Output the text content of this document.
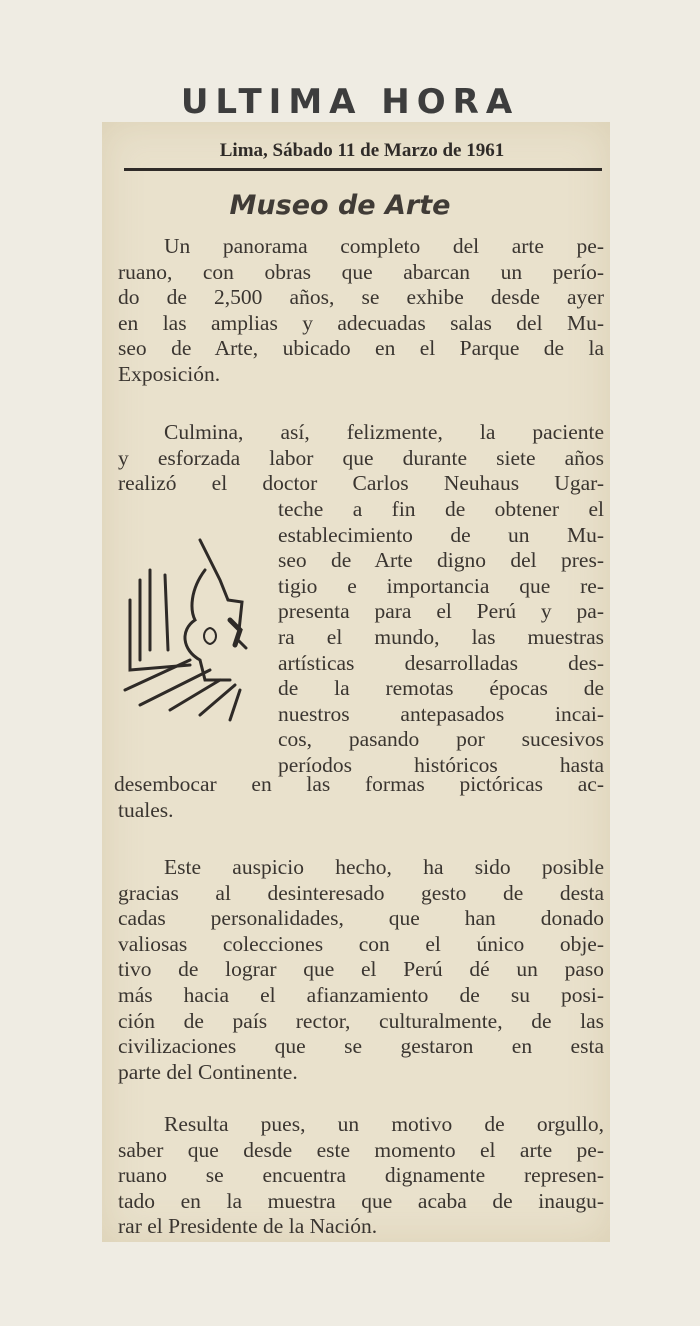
ULTIMA HORA
Lima, Sábado 11 de Marzo de 1961
Museo de Arte
Un panorama completo del arte pe-
ruano, con obras que abarcan un perío-
do de 2,500 años, se exhibe desde ayer
en las amplias y adecuadas salas del Mu-
seo de Arte, ubicado en el Parque de la
Exposición.
Culmina, así, felizmente, la paciente
y esforzada labor que durante siete años
realizó el doctor Carlos Neuhaus Ugar-
teche a fin de obtener el
establecimiento de un Mu-
seo de Arte digno del pres-
tigio e importancia que re-
presenta para el Perú y pa-
ra el mundo, las muestras
artísticas desarrolladas des-
de la remotas épocas de
nuestros antepasados incai-
cos, pasando por sucesivos
períodos históricos hasta
desembocar en las formas pictóricas ac-
tuales.
Este auspicio hecho, ha sido posible
gracias al desinteresado gesto de desta
cadas personalidades, que han donado
valiosas colecciones con el único obje-
tivo de lograr que el Perú dé un paso
más hacia el afianzamiento de su posi-
ción de país rector, culturalmente, de las
civilizaciones que se gestaron en esta
parte del Continente.
Resulta pues, un motivo de orgullo,
saber que desde este momento el arte pe-
ruano se encuentra dignamente represen-
tado en la muestra que acaba de inaugu-
rar el Presidente de la Nación.
